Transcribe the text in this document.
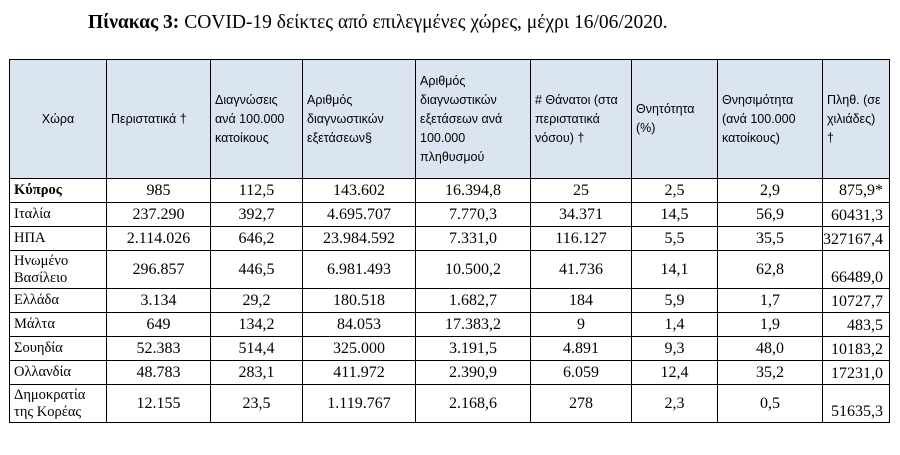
Πίνακας 3: COVID-19 δείκτες από επιλεγμένες χώρες, μέχρι 16/06/2020.
Χώρα	Περιστατικά †	Διαγνώσεις ανά 100.000 κατοίκους	Αριθμός διαγνωστικών εξετάσεων§	Αριθμός διαγνωστικών εξετάσεων ανά 100.000 πληθυσμού	# Θάνατοι (στα περιστατικά νόσου) †	Θνητότητα (%)	Θνησιμότητα (ανά 100.000 κατοίκους)	Πληθ. (σε χιλιάδες) †
Κύπρος	985	112,5	143.602	16.394,8	25	2,5	2,9	875,9*
Ιταλία	237.290	392,7	4.695.707	7.770,3	34.371	14,5	56,9	60431,3
ΗΠΑ	2.114.026	646,2	23.984.592	7.331,0	116.127	5,5	35,5	327167,4
Ηνωμένο Βασίλειο	296.857	446,5	6.981.493	10.500,2	41.736	14,1	62,8	66489,0
Ελλάδα	3.134	29,2	180.518	1.682,7	184	5,9	1,7	10727,7
Μάλτα	649	134,2	84.053	17.383,2	9	1,4	1,9	483,5
Σουηδία	52.383	514,4	325.000	3.191,5	4.891	9,3	48,0	10183,2
Ολλανδία	48.783	283,1	411.972	2.390,9	6.059	12,4	35,2	17231,0
Δημοκρατία της Κορέας	12.155	23,5	1.119.767	2.168,6	278	2,3	0,5	51635,3
